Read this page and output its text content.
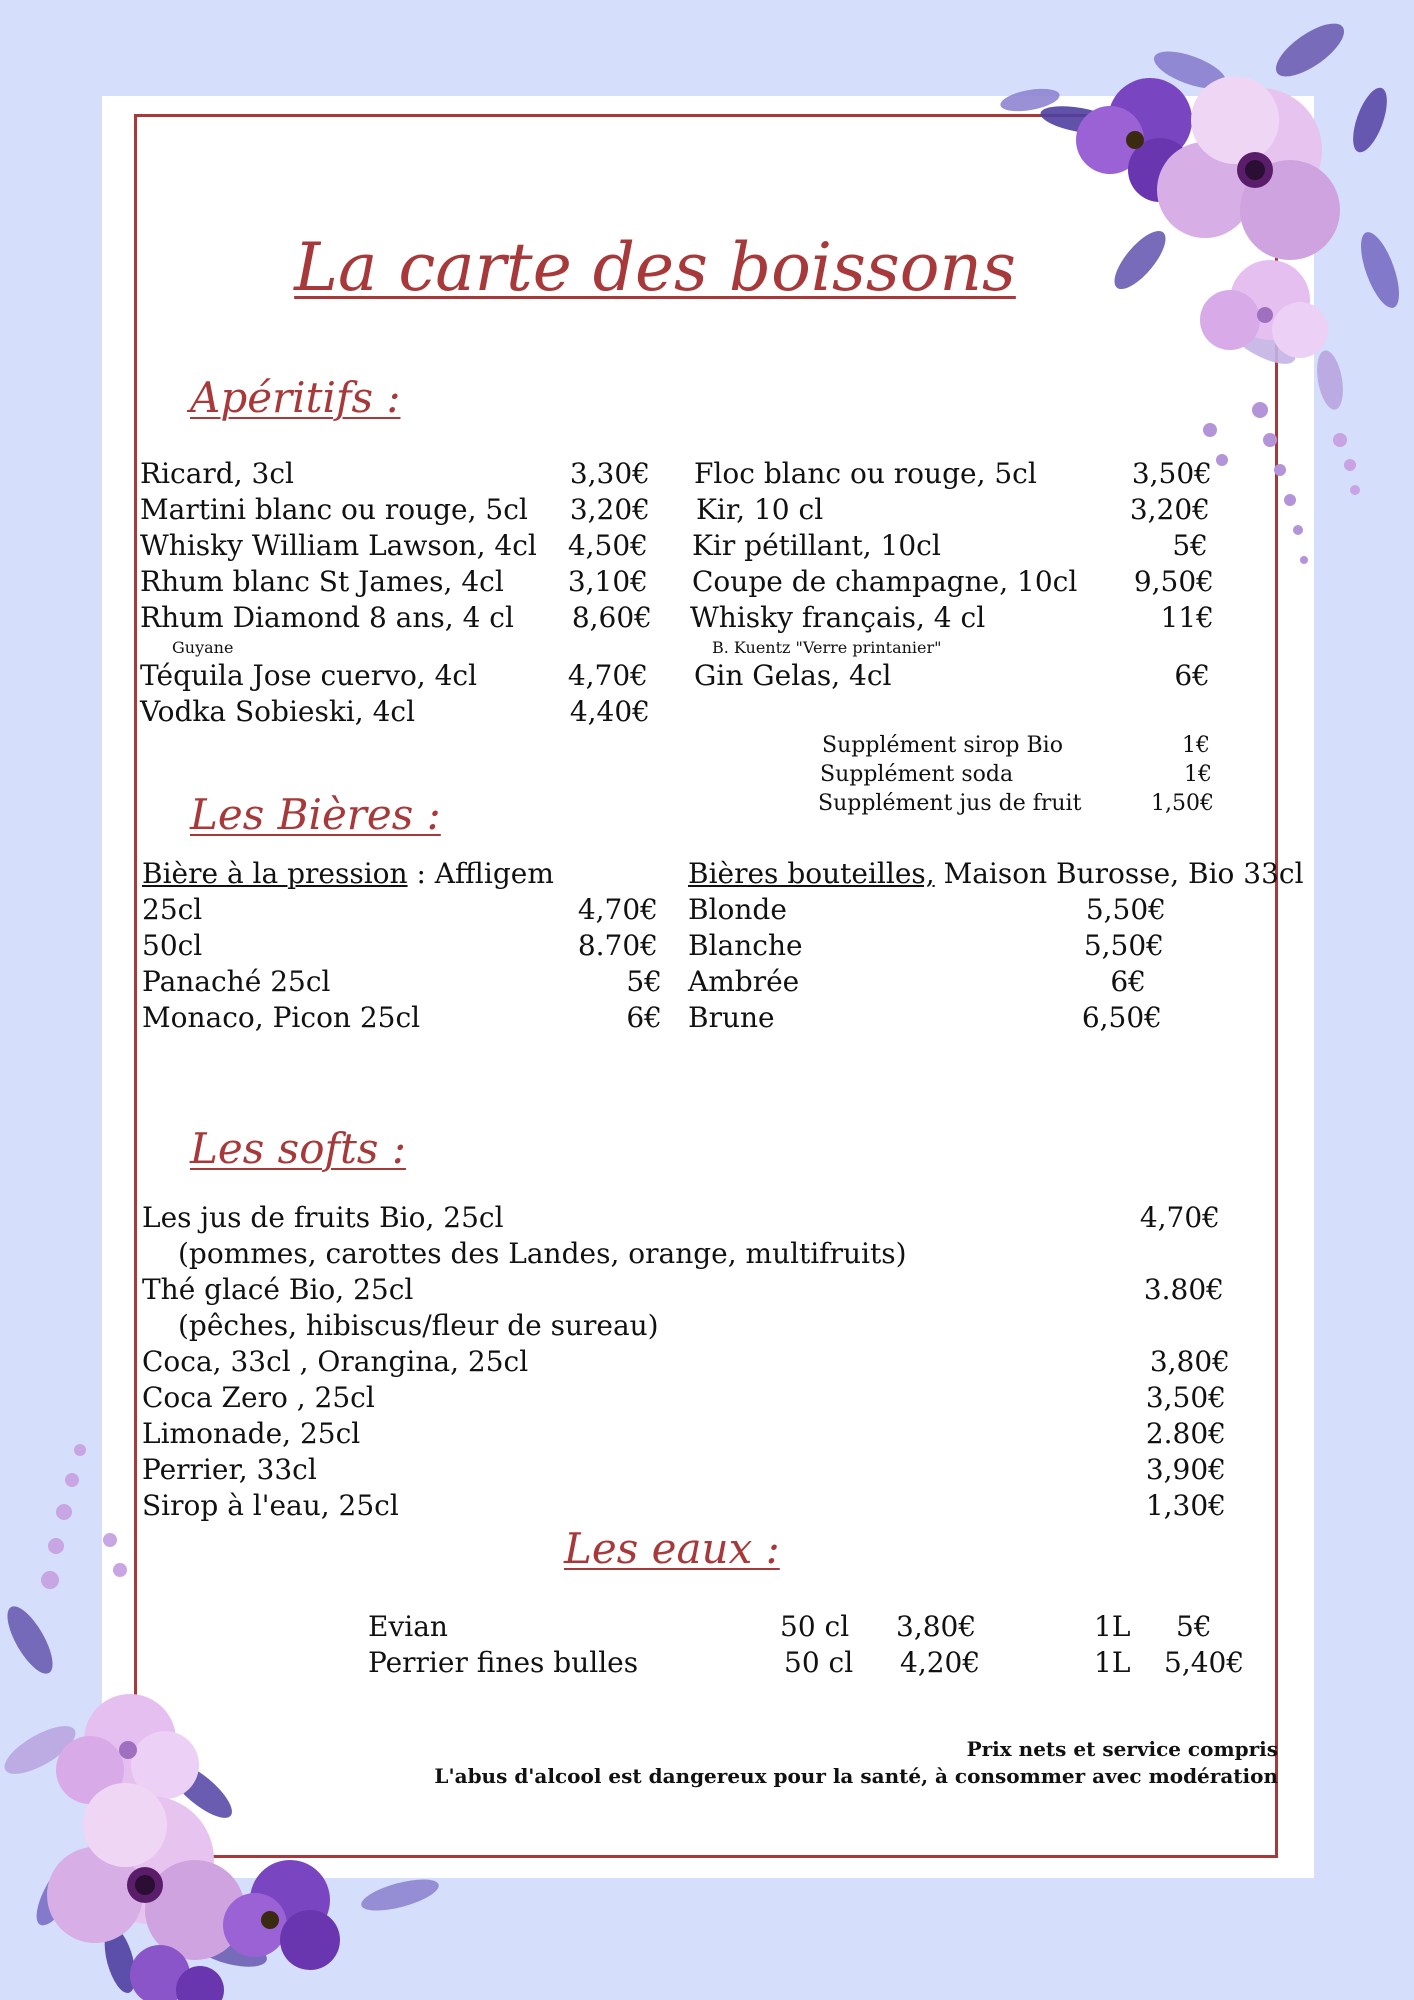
La carte des boissons
Apéritifs :
Ricard, 3cl	3,30€
Martini blanc ou rouge, 5cl	3,20€
Whisky William Lawson, 4cl	4,50€
Rhum blanc St James, 4cl	3,10€
Rhum Diamond 8 ans, 4 cl	8,60€
Guyane
Téquila Jose cuervo, 4cl	4,70€
Vodka Sobieski, 4cl	4,40€
Floc blanc ou rouge, 5cl	3,50€
Kir, 10 cl	3,20€
Kir pétillant, 10cl	5€
Coupe de champagne, 10cl	9,50€
Whisky français, 4 cl	11€
B. Kuentz "Verre printanier"
Gin Gelas, 4cl	6€
Supplément sirop Bio	1€
Supplément soda	1€
Supplément jus de fruit	1,50€
Les Bières :
Bière à la pression : Affligem
25cl	4,70€
50cl	8.70€
Panaché 25cl	5€
Monaco, Picon 25cl	6€
Bières bouteilles, Maison Burosse, Bio 33cl
Blonde	5,50€
Blanche	5,50€
Ambrée	6€
Brune	6,50€
Les softs :
Les jus de fruits Bio, 25cl	4,70€
(pommes, carottes des Landes, orange, multifruits)
Thé glacé Bio, 25cl	3.80€
(pêches, hibiscus/fleur de sureau)
Coca, 33cl , Orangina, 25cl	3,80€
Coca Zero , 25cl	3,50€
Limonade, 25cl	2.80€
Perrier, 33cl	3,90€
Sirop à l'eau, 25cl	1,30€
Les eaux :
Evian	50 cl 3,80€	1L 5€
Perrier fines bulles	50 cl 4,20€	1L 5,40€
Prix nets et service compris
L'abus d'alcool est dangereux pour la santé, à consommer avec modération
